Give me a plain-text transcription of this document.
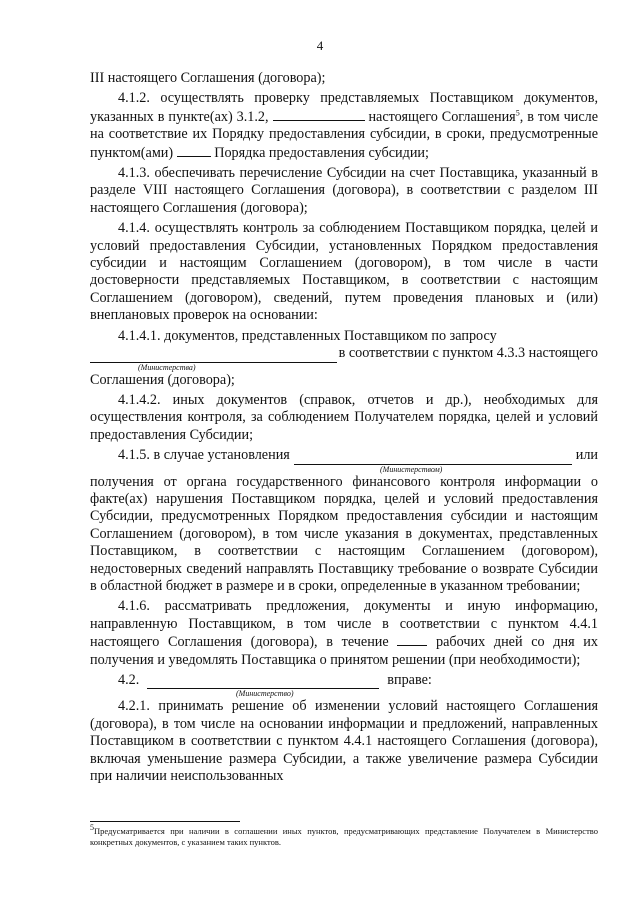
4

III настоящего Соглашения (договора);

4.1.2. осуществлять проверку представляемых Поставщиком документов, указанных в пункте(ах) 3.1.2,	настоящего Соглашения$^5$, в том числе на соответствие их Порядку предоставления субсидии, в сроки, предусмотренные пунктом(ами)	Порядка предоставления субсидии;

4.1.3. обеспечивать перечисление Субсидии на счет Поставщика, указанный в разделе VIII настоящего Соглашения (договора), в соответствии с разделом III настоящего Соглашения (договора);

4.1.4. осуществлять контроль за соблюдением Поставщиком порядка, целей и условий предоставления Субсидии, установленных Порядком предоставления субсидии и настоящим Соглашением (договором), в том числе в части достоверности представляемых Поставщиком, в соответствии с настоящим Соглашением (договором), сведений, путем проведения плановых и (или) внеплановых проверок на основании:

4.1.4.1. документов, представленных Поставщиком по запросу

в соответствии с пунктом 4.3.3 настоящего
(Министерства)

Соглашения (договора);

4.1.4.2. иных документов (справок, отчетов и др.), необходимых для осуществления контроля, за соблюдением Получателем порядка, целей и условий предоставления Субсидии;

4.1.5. в случае установления	или
(Министерством)

получения от органа государственного финансового контроля информации о факте(ах) нарушения Поставщиком порядка, целей и условий предоставления Субсидии, предусмотренных Порядком предоставления субсидии и настоящим Соглашением (договором), в том числе указания в документах, представленных Поставщиком, в соответствии с настоящим Соглашением (договором), недостоверных сведений направлять Поставщику требование о возврате Субсидии в областной бюджет в размере и в сроки, определенные в указанном требовании;

4.1.6. рассматривать предложения, документы и иную информацию, направленную Поставщиком, в том числе в соответствии с пунктом 4.4.1 настоящего Соглашения (договора), в течение	рабочих дней со дня их получения и уведомлять Поставщика о принятом решении (при необходимости);

4.2.	вправе:
(Министерство)

4.2.1. принимать решение об изменении условий настоящего Соглашения (договора), в том числе на основании информации и предложений, направленных Поставщиком в соответствии с пунктом 4.4.1 настоящего Соглашения (договора), включая уменьшение размера Субсидии, а также увеличение размера Субсидии при наличии неиспользованных

5Предусматривается при наличии в соглашении иных пунктов, предусматривающих представление Получателем в Министерство конкретных документов, с указанием таких пунктов.
